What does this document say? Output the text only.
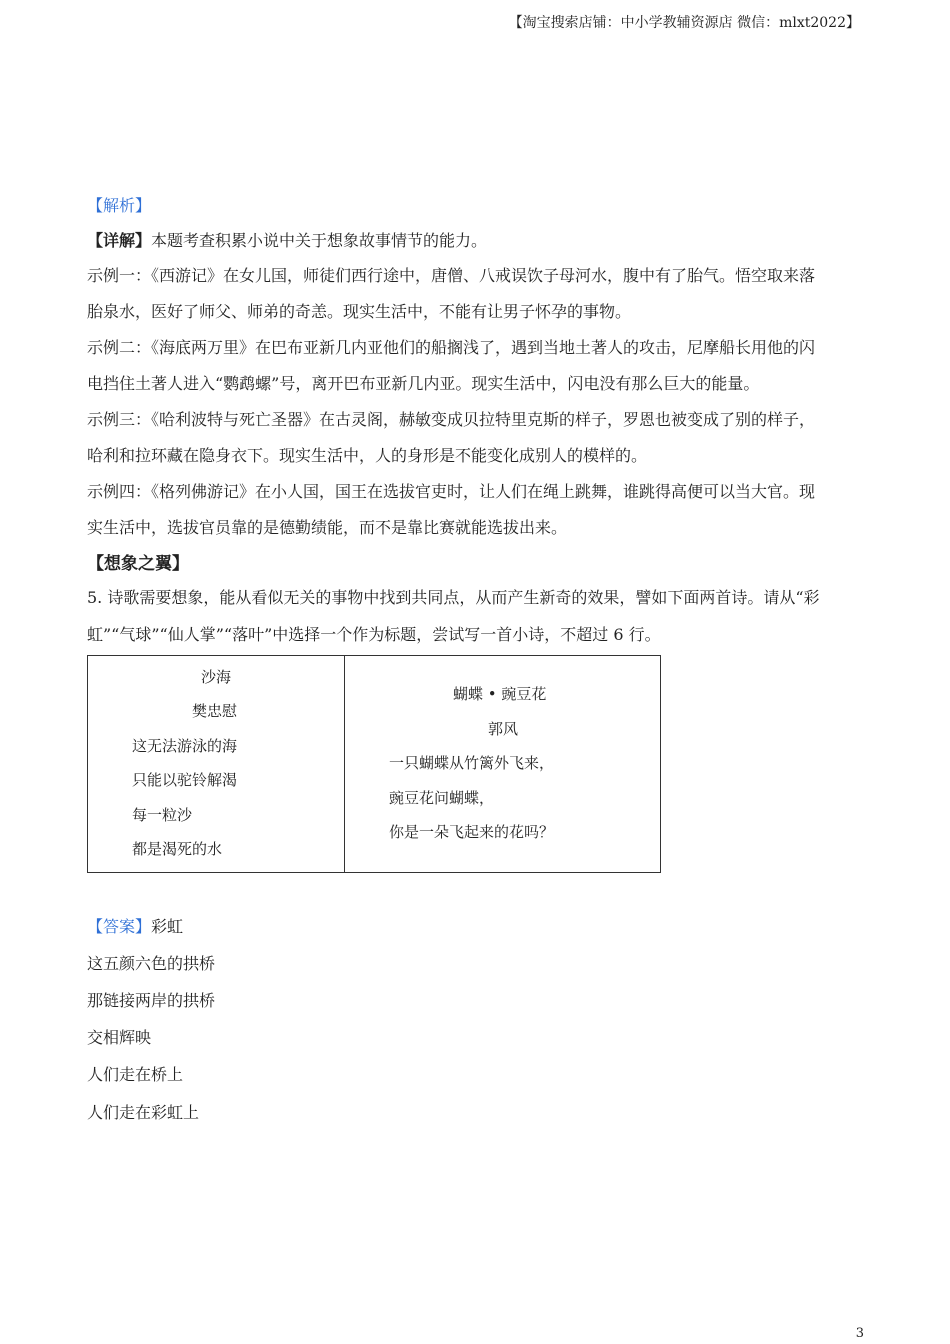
【淘宝搜索店铺：中小学教辅资源店 微信：mlxt2022】
【解析】
【详解】本题考查积累小说中关于想象故事情节的能力。
示例一：《西游记》在女儿国，师徒们西行途中，唐僧、八戒误饮子母河水，腹中有了胎气。悟空取来落
胎泉水，医好了师父、师弟的奇恙。现实生活中，不能有让男子怀孕的事物。
示例二：《海底两万里》在巴布亚新几内亚他们的船搁浅了，遇到当地土著人的攻击，尼摩船长用他的闪
电挡住土著人进入“鹦鹉螺”号，离开巴布亚新几内亚。现实生活中，闪电没有那么巨大的能量。
示例三：《哈利波特与死亡圣器》在古灵阁，赫敏变成贝拉特里克斯的样子，罗恩也被变成了别的样子，
哈利和拉环藏在隐身衣下。现实生活中，人的身形是不能变化成别人的模样的。
示例四：《格列佛游记》在小人国，国王在选拔官吏时，让人们在绳上跳舞，谁跳得高便可以当大官。现
实生活中，选拔官员靠的是德勤绩能，而不是靠比赛就能选拔出来。
【想象之翼】
5. 诗歌需要想象，能从看似无关的事物中找到共同点，从而产生新奇的效果，譬如下面两首诗。请从“彩
虹”“气球”“仙人掌”“落叶”中选择一个作为标题，尝试写一首小诗，不超过 6 行。
沙海
樊忠慰
这无法游泳的海
只能以驼铃解渴
每一粒沙
都是渴死的水
蝴蝶 • 豌豆花
郭风
一只蝴蝶从竹篱外飞来，
豌豆花问蝴蝶，
你是一朵飞起来的花吗？
【答案】彩虹
这五颜六色的拱桥
那链接两岸的拱桥
交相辉映
人们走在桥上
人们走在彩虹上
3
